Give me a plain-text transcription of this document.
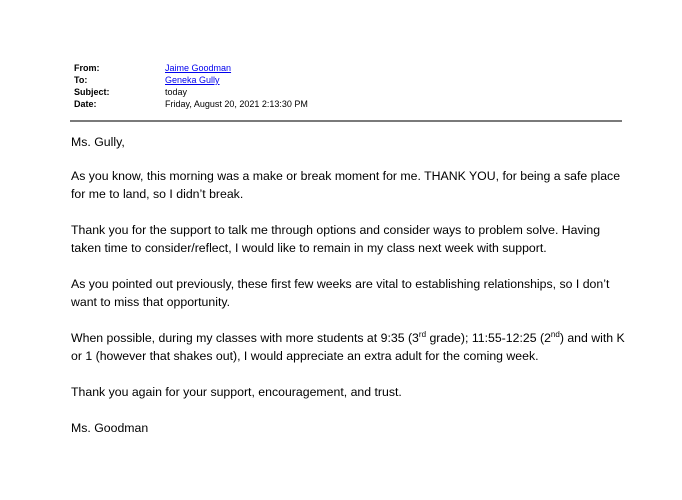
From:	Jaime Goodman
To:	Geneka Gully
Subject:	today
Date:	Friday, August 20, 2021 2:13:30 PM

Ms. Gully,

As you know, this morning was a make or break moment for me. THANK YOU, for being a safe place for me to land, so I didn’t break.

Thank you for the support to talk me through options and consider ways to problem solve. Having taken time to consider/reflect, I would like to remain in my class next week with support.

As you pointed out previously, these first few weeks are vital to establishing relationships, so I don’t want to miss that opportunity.

When possible, during my classes with more students at 9:35 (3rd grade); 11:55-12:25 (2nd) and with K or 1 (however that shakes out), I would appreciate an extra adult for the coming week.

Thank you again for your support, encouragement, and trust.

Ms. Goodman
